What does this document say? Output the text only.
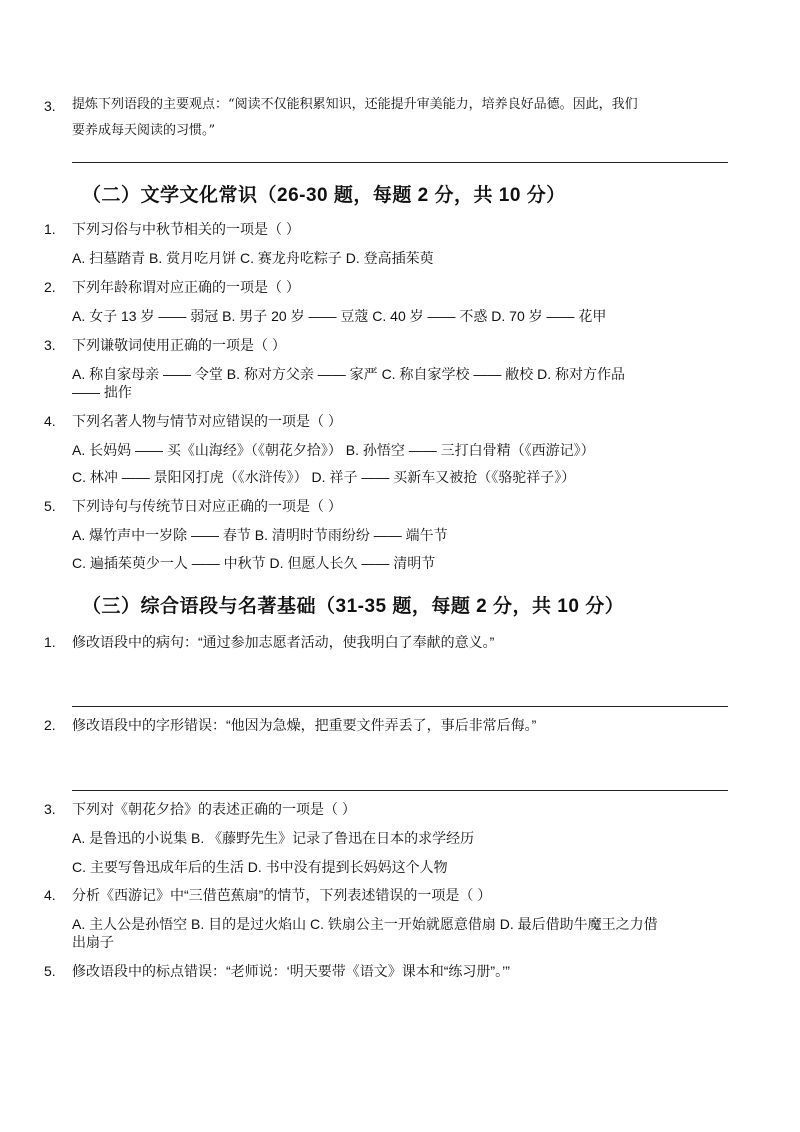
3.	提炼下列语段的主要观点：“阅读不仅能积累知识，还能提升审美能力，培养良好品德。因此，我们
要养成每天阅读的习惯。”
（二）文学文化常识（26-30 题，每题 2 分，共 10 分）
1.	下列习俗与中秋节相关的一项是（ ）
A. 扫墓踏青 B. 赏月吃月饼 C. 赛龙舟吃粽子 D. 登高插茱萸
2.	下列年龄称谓对应正确的一项是（ ）
A. 女子 13 岁 —— 弱冠 B. 男子 20 岁 —— 豆蔻 C. 40 岁 —— 不惑 D. 70 岁 —— 花甲
3.	下列谦敬词使用正确的一项是（ ）
A. 称自家母亲 —— 令堂 B. 称对方父亲 —— 家严 C. 称自家学校 —— 敝校 D. 称对方作品
—— 拙作
4.	下列名著人物与情节对应错误的一项是（ ）
A. 长妈妈 —— 买《山海经》（《朝花夕拾》） B. 孙悟空 —— 三打白骨精（《西游记》）
C. 林冲 —— 景阳冈打虎（《水浒传》） D. 祥子 —— 买新车又被抢（《骆驼祥子》）
5.	下列诗句与传统节日对应正确的一项是（ ）
A. 爆竹声中一岁除 —— 春节 B. 清明时节雨纷纷 —— 端午节
C. 遍插茱萸少一人 —— 中秋节 D. 但愿人长久 —— 清明节
（三）综合语段与名著基础（31-35 题，每题 2 分，共 10 分）
1.	修改语段中的病句：“通过参加志愿者活动，使我明白了奉献的意义。”
2.	修改语段中的字形错误：“他因为急燥，把重要文件弄丢了，事后非常后侮。”
3.	下列对《朝花夕拾》的表述正确的一项是（ ）
A. 是鲁迅的小说集 B. 《藤野先生》记录了鲁迅在日本的求学经历
C. 主要写鲁迅成年后的生活 D. 书中没有提到长妈妈这个人物
4.	分析《西游记》中“三借芭蕉扇”的情节，下列表述错误的一项是（ ）
A. 主人公是孙悟空 B. 目的是过火焰山 C. 铁扇公主一开始就愿意借扇 D. 最后借助牛魔王之力借
出扇子
5.	修改语段中的标点错误：“老师说：‘明天要带《语文》课本和“练习册”。’”
